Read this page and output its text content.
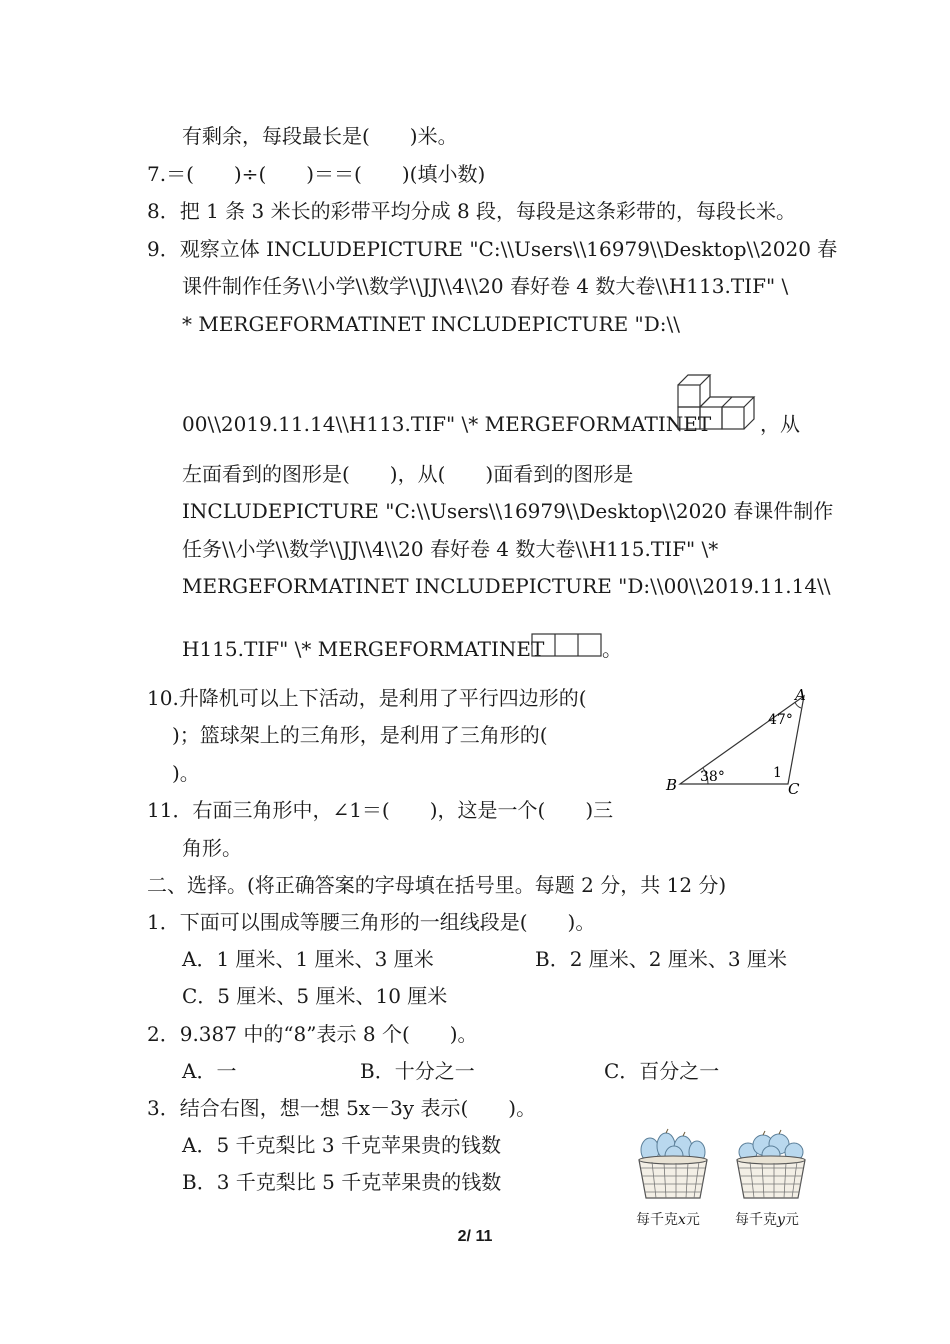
有剩余，每段最长是(　　)米。
7.＝(　　)÷(　　)＝＝(　　)(填小数)
8．把 1 条 3 米长的彩带平均分成 8 段，每段是这条彩带的，每段长米。
9．观察立体 INCLUDEPICTURE "C:\\Users\\16979\\Desktop\\2020 春
课件制作任务\\小学\\数学\\JJ\\4\\20 春好卷 4 数大卷\\H113.TIF" \
* MERGEFORMATINET INCLUDEPICTURE "D:\\
00\\2019.11.14\\H113.TIF" \* MERGEFORMATINET ，从
左面看到的图形是(　　)，从(　　)面看到的图形是
INCLUDEPICTURE "C:\\Users\\16979\\Desktop\\2020 春课件制作
任务\\小学\\数学\\JJ\\4\\20 春好卷 4 数大卷\\H115.TIF" \*
MERGEFORMATINET INCLUDEPICTURE "D:\\00\\2019.11.14\\
H115.TIF" \* MERGEFORMATINET	。
10.升降机可以上下活动，是利用了平行四边形的(
)；篮球架上的三角形，是利用了三角形的(
)。
A
B	C
47°
38°	1
11．右面三角形中，∠1＝(　　)，这是一个(　　)三
角形。
二、选择。(将正确答案的字母填在括号里。每题 2 分，共 12 分)
1．下面可以围成等腰三角形的一组线段是(　　)。
A．1 厘米、1 厘米、3 厘米	B．2 厘米、2 厘米、3 厘米
C．5 厘米、5 厘米、10 厘米
2．9.387 中的“8”表示 8 个(　　)。
A．一	B．十分之一	C．百分之一
3．结合右图，想一想 5x－3y 表示(　　)。
A．5 千克梨比 3 千克苹果贵的钱数
B．3 千克梨比 5 千克苹果贵的钱数
每千克x元	每千克y元
2/ 11
